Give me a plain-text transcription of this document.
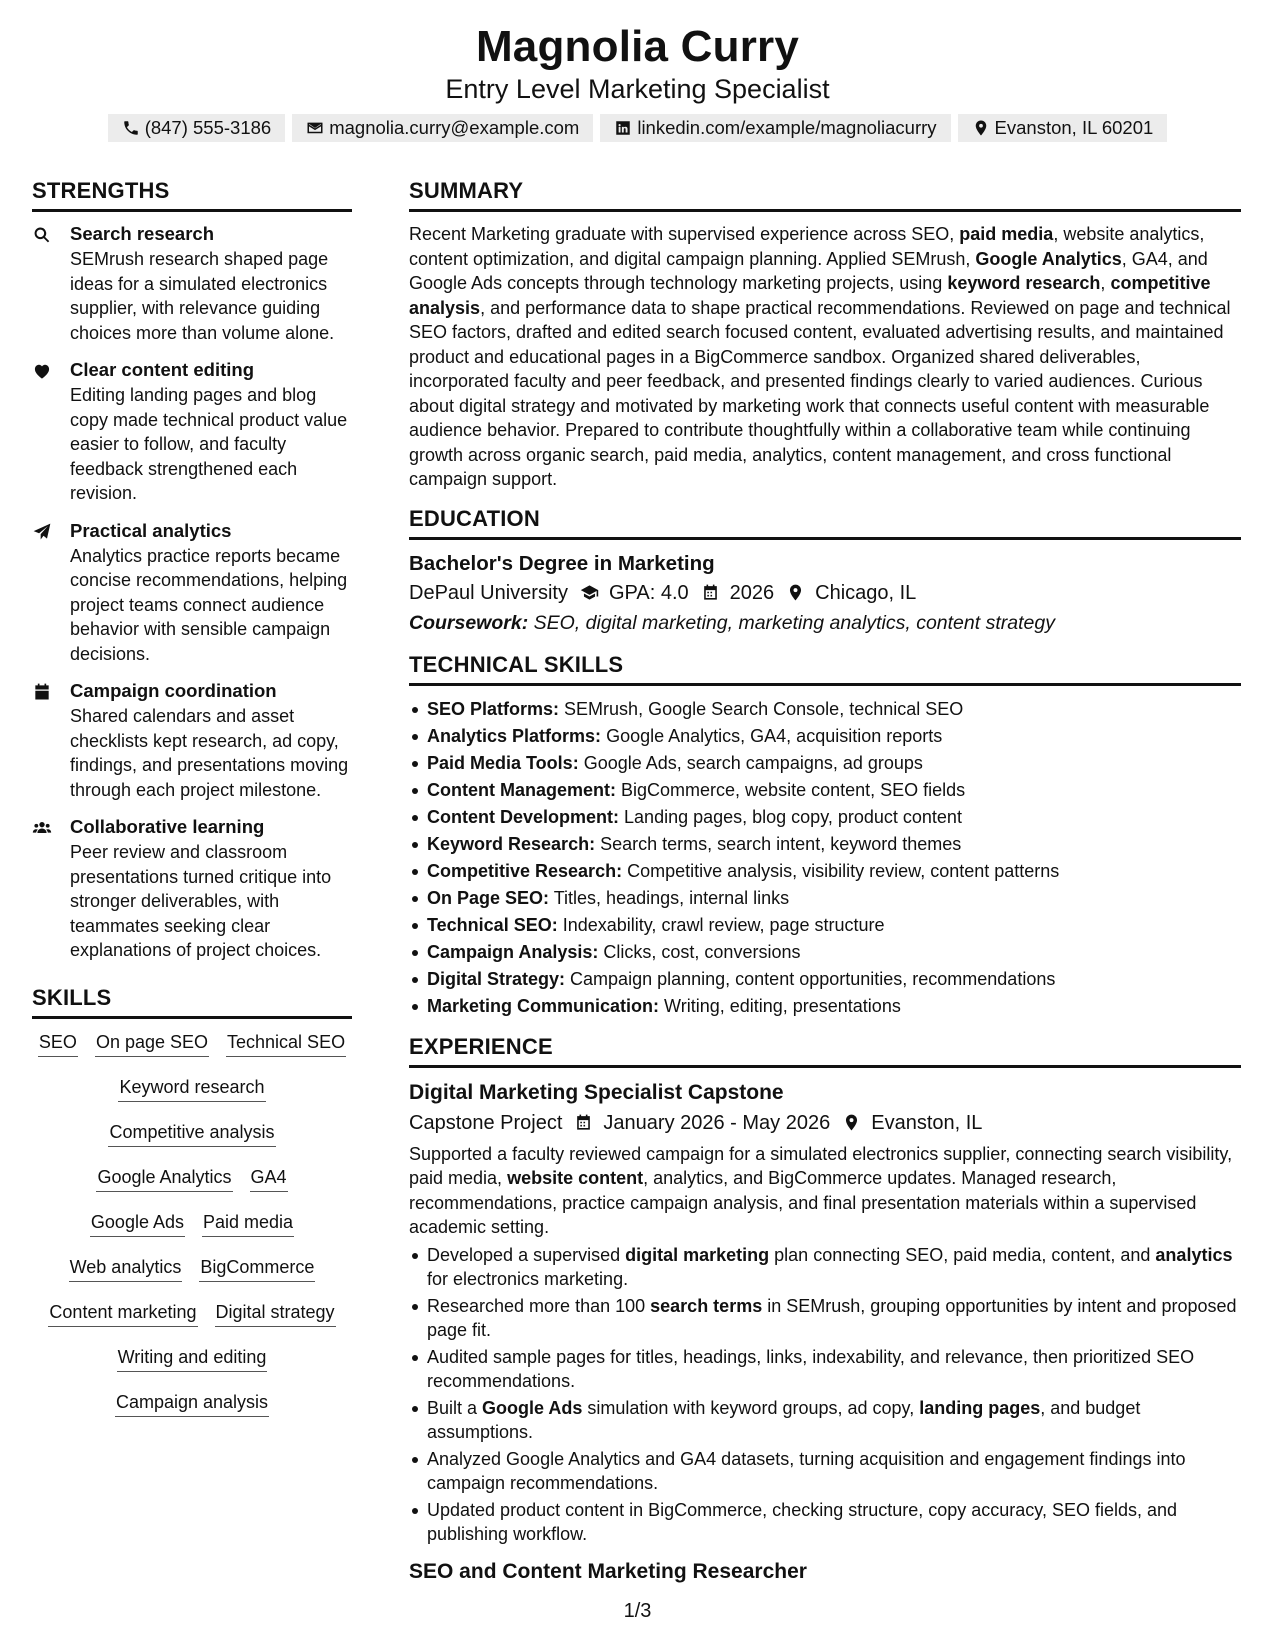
Magnolia Curry
Entry Level Marketing Specialist
(847) 555-3186	magnolia.curry@example.com	linkedin.com/example/magnoliacurry	Evanston, IL 60201
STRENGTHS
Search research
SEMrush research shaped page ideas for a simulated electronics supplier, with relevance guiding choices more than volume alone.
Clear content editing
Editing landing pages and blog copy made technical product value easier to follow, and faculty feedback strengthened each revision.
Practical analytics
Analytics practice reports became concise recommendations, helping project teams connect audience behavior with sensible campaign decisions.
Campaign coordination
Shared calendars and asset checklists kept research, ad copy, findings, and presentations moving through each project milestone.
Collaborative learning
Peer review and classroom presentations turned critique into stronger deliverables, with teammates seeking clear explanations of project choices.
SKILLS
SEO On page SEO Technical SEO
Keyword research
Competitive analysis
Google Analytics GA4
Google Ads Paid media
Web analytics BigCommerce
Content marketing Digital strategy
Writing and editing
Campaign analysis
SUMMARY

Recent Marketing graduate with supervised experience across SEO, paid media, website analytics, content optimization, and digital campaign planning. Applied SEMrush, Google Analytics, GA4, and Google Ads concepts through technology marketing projects, using keyword research, competitive analysis, and performance data to shape practical recommendations. Reviewed on page and technical SEO factors, drafted and edited search focused content, evaluated advertising results, and maintained product and educational pages in a BigCommerce sandbox. Organized shared deliverables, incorporated faculty and peer feedback, and presented findings clearly to varied audiences. Curious about digital strategy and motivated by marketing work that connects useful content with measurable audience behavior. Prepared to contribute thoughtfully within a collaborative team while continuing growth across organic search, paid media, analytics, content management, and cross functional campaign support.

EDUCATION
Bachelor's Degree in Marketing
DePaul University GPA: 4.0 2026 Chicago, IL
Coursework: SEO, digital marketing, marketing analytics, content strategy
TECHNICAL SKILLS
SEO Platforms: SEMrush, Google Search Console, technical SEO
Analytics Platforms: Google Analytics, GA4, acquisition reports
Paid Media Tools: Google Ads, search campaigns, ad groups
Content Management: BigCommerce, website content, SEO fields
Content Development: Landing pages, blog copy, product content
Keyword Research: Search terms, search intent, keyword themes
Competitive Research: Competitive analysis, visibility review, content patterns
On Page SEO: Titles, headings, internal links
Technical SEO: Indexability, crawl review, page structure
Campaign Analysis: Clicks, cost, conversions
Digital Strategy: Campaign planning, content opportunities, recommendations
Marketing Communication: Writing, editing, presentations
EXPERIENCE
Digital Marketing Specialist Capstone
Capstone Project January 2026 - May 2026 Evanston, IL

Supported a faculty reviewed campaign for a simulated electronics supplier, connecting search visibility, paid media, website content, analytics, and BigCommerce updates. Managed research, recommendations, practice campaign analysis, and final presentation materials within a supervised academic setting.

Developed a supervised digital marketing plan connecting SEO, paid media, content, and analytics for electronics marketing.
Researched more than 100 search terms in SEMrush, grouping opportunities by intent and proposed page fit.
Audited sample pages for titles, headings, links, indexability, and relevance, then prioritized SEO recommendations.
Built a Google Ads simulation with keyword groups, ad copy, landing pages, and budget assumptions.
Analyzed Google Analytics and GA4 datasets, turning acquisition and engagement findings into campaign recommendations.
Updated product content in BigCommerce, checking structure, copy accuracy, SEO fields, and publishing workflow.
SEO and Content Marketing Researcher
1/3
